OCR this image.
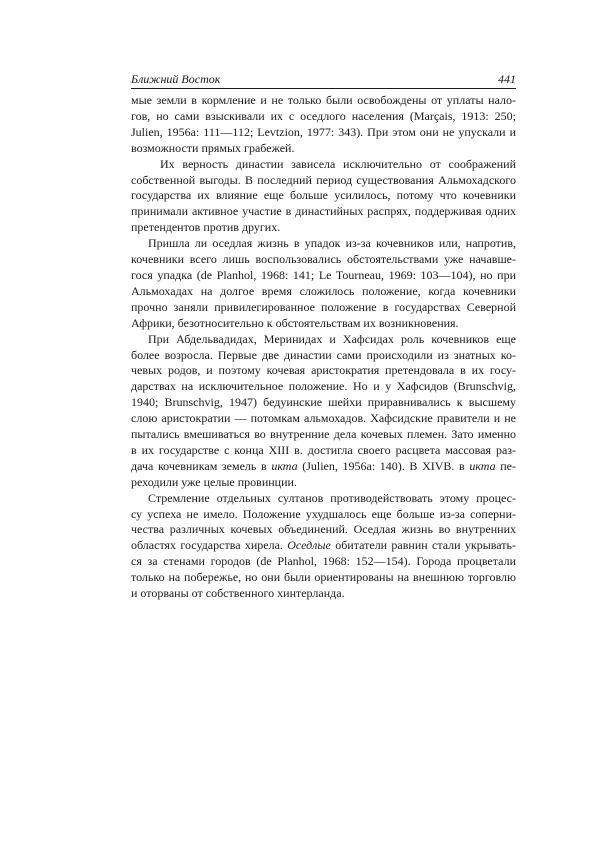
Ближний Восток	441
мые земли в кормление и не только были освобождены от уплаты нало-
гов, но сами взыскивали их с оседлого населения (Marçais, 1913: 250;
Julien, 1956a: 111—112; Levtzion, 1977: 343). При этом они не упускали и
возможности прямых грабежей.
Их верность династии зависела исключительно от соображений
собственной выгоды. В последний период существования Альмохадского
государства их влияние еще больше усилилось, потому что кочевники
принимали активное участие в династийных распрях, поддерживая одних
претендентов против других.
Пришла ли оседлая жизнь в упадок из-за кочевников или, напротив,
кочевники всего лишь воспользовались обстоятельствами уже начавше-
гося упадка (de Planhol, 1968: 141; Le Tourneau, 1969: 103—104), но при
Альмохадах на долгое время сложилось положение, когда кочевники
прочно заняли привилегированное положение в государствах Северной
Африки, безотносительно к обстоятельствам их возникновения.
При Абдельвадидах, Меринидах и Хафсидах роль кочевников еще
более возросла. Первые две династии сами происходили из знатных ко-
чевых родов, и поэтому кочевая аристократия претендовала в их госу-
дарствах на исключительное положение. Но и у Хафсидов (Brunschvig,
1940; Brunschvig, 1947) бедуинские шейхи приравнивались к высшему
слою аристократии — потомкам альмохадов. Хафсидские правители и не
пытались вмешиваться во внутренние дела кочевых племен. Зато именно
в их государстве с конца XIII в. достигла своего расцвета массовая раз-
дача кочевникам земель в икта (Julien, 1956a: 140). В XIVB. в икта пе-
реходили уже целые провинции.
Стремление отдельных султанов противодействовать этому процес-
су успеха не имело. Положение ухудшалось еще больше из-за соперни-
чества различных кочевых объединений. Оседлая жизнь во внутренних
областях государства хирела. Оседлые обитатели равнин стали укрывать-
ся за стенами городов (de Planhol, 1968: 152—154). Города процветали
только на побережье, но они были ориентированы на внешнюю торговлю
и оторваны от собственного хинтерланда.
